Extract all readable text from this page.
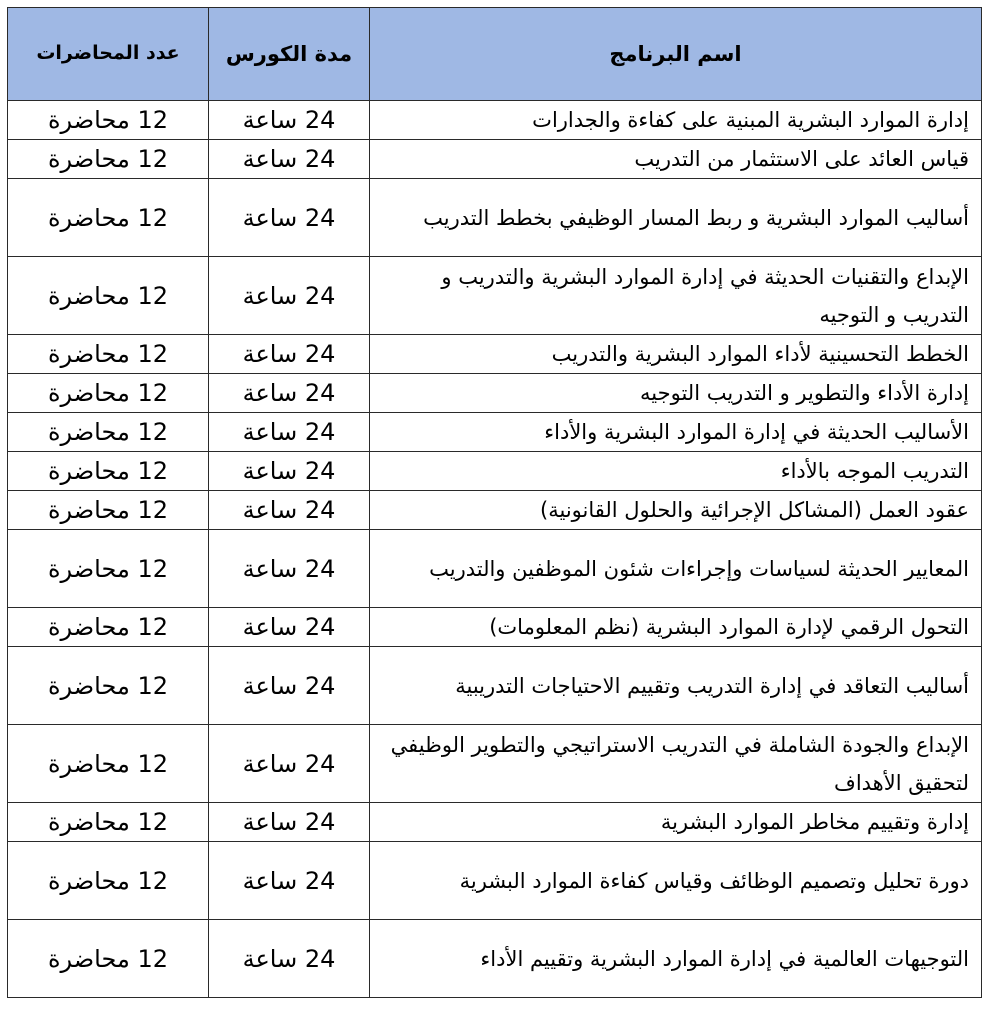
اسم البرنامج	مدة الكورس	عدد المحاضرات
إدارة الموارد البشرية المبنية على كفاءة والجدارات	24 ساعة	12 محاضرة
قياس العائد على الاستثمار من التدريب	24 ساعة	12 محاضرة
أساليب الموارد البشرية و ربط المسار الوظيفي بخطط التدريب	24 ساعة	12 محاضرة
الإبداع والتقنيات الحديثة في إدارة الموارد البشرية والتدريب و التدريب و التوجيه	24 ساعة	12 محاضرة
الخطط التحسينية لأداء الموارد البشرية والتدريب	24 ساعة	12 محاضرة
إدارة الأداء والتطوير و التدريب التوجيه	24 ساعة	12 محاضرة
الأساليب الحديثة في إدارة الموارد البشرية والأداء	24 ساعة	12 محاضرة
التدريب الموجه بالأداء	24 ساعة	12 محاضرة
عقود العمل (المشاكل الإجرائية والحلول القانونية)	24 ساعة	12 محاضرة
المعايير الحديثة لسياسات وإجراءات شئون الموظفين والتدريب	24 ساعة	12 محاضرة
التحول الرقمي لإدارة الموارد البشرية (نظم المعلومات)	24 ساعة	12 محاضرة
أساليب التعاقد في إدارة التدريب وتقييم الاحتياجات التدريبية	24 ساعة	12 محاضرة
الإبداع والجودة الشاملة في التدريب الاستراتيجي والتطوير الوظيفي لتحقيق الأهداف	24 ساعة	12 محاضرة
إدارة وتقييم مخاطر الموارد البشرية	24 ساعة	12 محاضرة
دورة تحليل وتصميم الوظائف وقياس كفاءة الموارد البشرية	24 ساعة	12 محاضرة
التوجيهات العالمية في إدارة الموارد البشرية وتقييم الأداء	24 ساعة	12 محاضرة
